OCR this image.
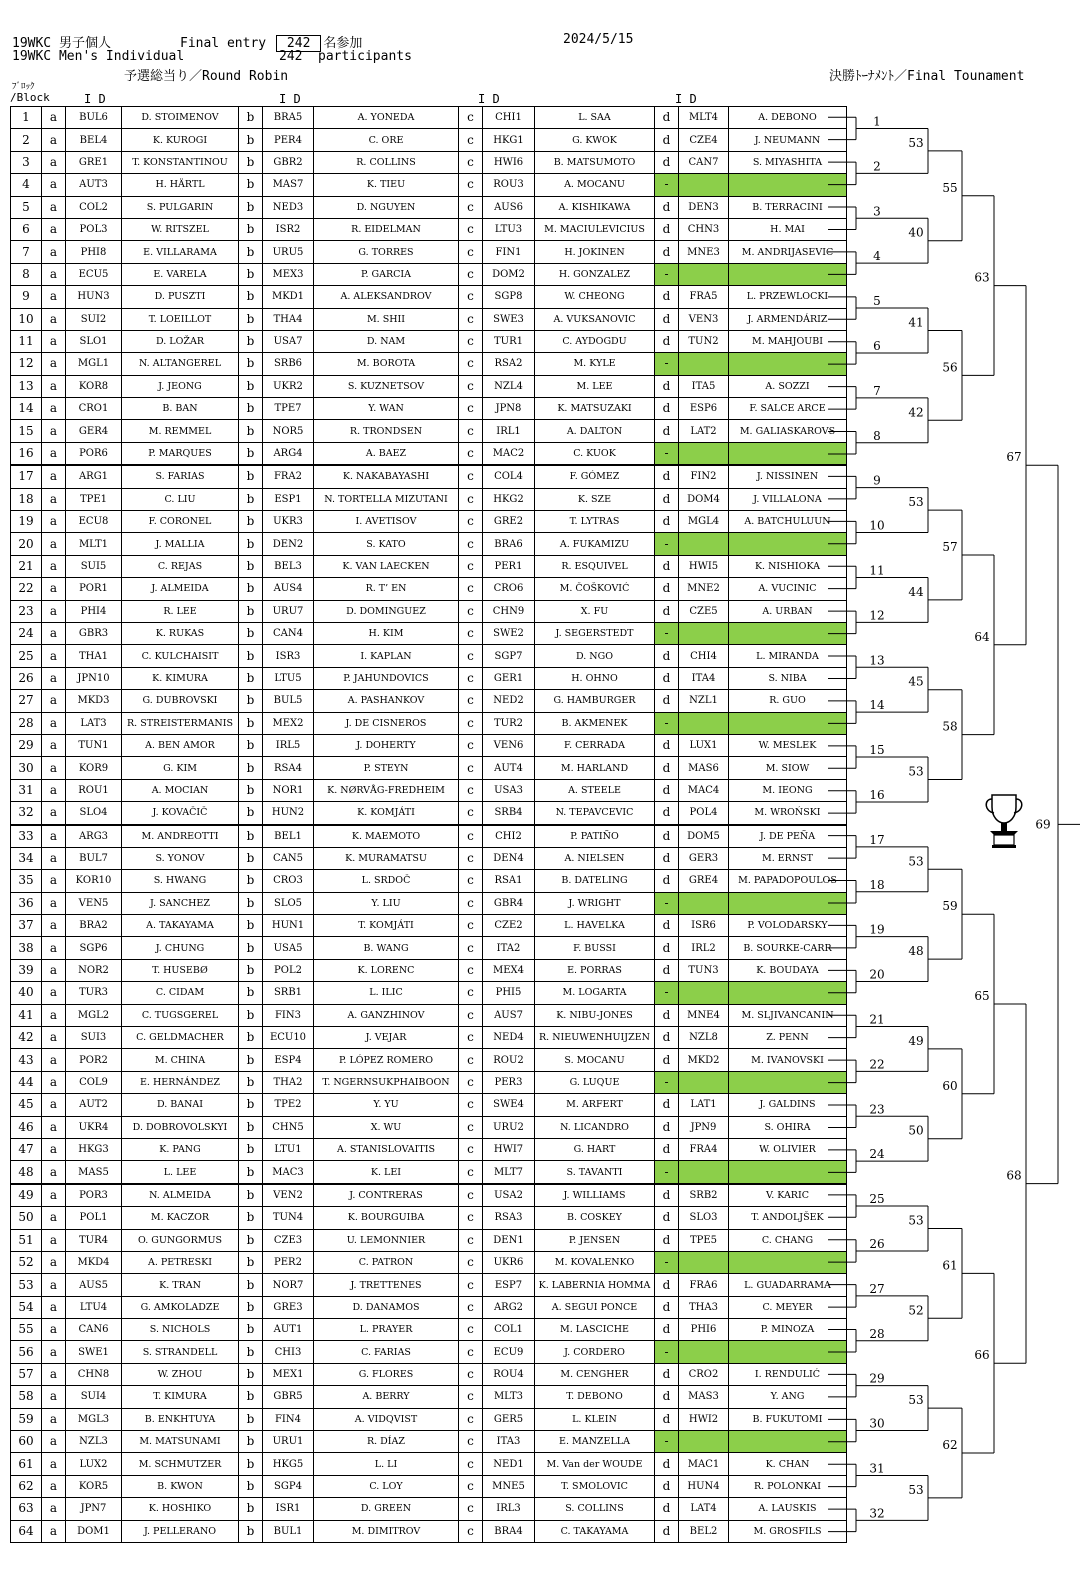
19WKC 男子個人	Final entry 242 名参加	2024/5/15
19WKC Men's Individual	242 participants
予選総当り／Round Robin	決勝ﾄｰﾅﾒﾝﾄ／Final Tounament
ﾌﾞﾛｯｸ
/Block	I D	I D	I D	I D
1	a	BUL6	D. STOIMENOV	b	BRA5	A. YONEDA	c	CHI1	L. SAA	d	MLT4	A. DEBONO
2	a	BEL4	K. KUROGI	b	PER4	C. ORE	c	HKG1	G. KWOK	d	CZE4	J. NEUMANN
3	a	GRE1	T. KONSTANTINOU	b	GBR2	R. COLLINS	c	HWI6	B. MATSUMOTO	d	CAN7	S. MIYASHITA
4	a	AUT3	H. HÄRTL	b	MAS7	K. TIEU	c	ROU3	A. MOCANU	-		
5	a	COL2	S. PULGARIN	b	NED3	D. NGUYEN	c	AUS6	A. KISHIKAWA	d	DEN3	B. TERRACINI
6	a	POL3	W. RITSZEL	b	ISR2	R. EIDELMAN	c	LTU3	M. MACIULEVICIUS	d	CHN3	H. MAI
7	a	PHI8	E. VILLARAMA	b	URU5	G. TORRES	c	FIN1	H. JOKINEN	d	MNE3	M. ANDRIJASEVIC
8	a	ECU5	E. VARELA	b	MEX3	P. GARCIA	c	DOM2	H. GONZALEZ	-		
9	a	HUN3	D. PUSZTI	b	MKD1	A. ALEKSANDROV	c	SGP8	W. CHEONG	d	FRA5	L. PRZEWLOCKI
10	a	SUI2	T. LOEILLOT	b	THA4	M. SHII	c	SWE3	A. VUKSANOVIC	d	VEN3	J. ARMENDÁRIZ
11	a	SLO1	D. LOŽAR	b	USA7	D. NAM	c	TUR1	C. AYDOGDU	d	TUN2	M. MAHJOUBI
12	a	MGL1	N. ALTANGEREL	b	SRB6	M. BOROTA	c	RSA2	M. KYLE	-		
13	a	KOR8	J. JEONG	b	UKR2	S. KUZNETSOV	c	NZL4	M. LEE	d	ITA5	A. SOZZI
14	a	CRO1	B. BAN	b	TPE7	Y. WAN	c	JPN8	K. MATSUZAKI	d	ESP6	F. SALCE ARCE
15	a	GER4	M. REMMEL	b	NOR5	R. TRONDSEN	c	IRL1	A. DALTON	d	LAT2	M. GALIASKAROVS
16	a	POR6	P. MARQUES	b	ARG4	A. BAEZ	c	MAC2	C. KUOK	-		
17	a	ARG1	S. FARIAS	b	FRA2	K. NAKABAYASHI	c	COL4	F. GÓMEZ	d	FIN2	J. NISSINEN
18	a	TPE1	C. LIU	b	ESP1	N. TORTELLA MIZUTANI	c	HKG2	K. SZE	d	DOM4	J. VILLALONA
19	a	ECU8	F. CORONEL	b	UKR3	I. AVETISOV	c	GRE2	T. LYTRAS	d	MGL4	A. BATCHULUUN
20	a	MLT1	J. MALLIA	b	DEN2	S. KATO	c	BRA6	A. FUKAMIZU	-		
21	a	SUI5	C. REJAS	b	BEL3	K. VAN LAECKEN	c	PER1	R. ESQUIVEL	d	HWI5	K. NISHIOKA
22	a	POR1	J. ALMEIDA	b	AUS4	R. T’ EN	c	CRO6	M. ČOŠKOVIĆ	d	MNE2	A. VUCINIC
23	a	PHI4	R. LEE	b	URU7	D. DOMINGUEZ	c	CHN9	X. FU	d	CZE5	A. URBAN
24	a	GBR3	K. RUKAS	b	CAN4	H. KIM	c	SWE2	J. SEGERSTEDT	-		
25	a	THA1	C. KULCHAISIT	b	ISR3	I. KAPLAN	c	SGP7	D. NGO	d	CHI4	L. MIRANDA
26	a	JPN10	K. KIMURA	b	LTU5	P. JAHUNDOVICS	c	GER1	H. OHNO	d	ITA4	S. NIBA
27	a	MKD3	G. DUBROVSKI	b	BUL5	A. PASHANKOV	c	NED2	G. HAMBURGER	d	NZL1	R. GUO
28	a	LAT3	R. STREISTERMANIS	b	MEX2	J. DE CISNEROS	c	TUR2	B. AKMENEK	-		
29	a	TUN1	A. BEN AMOR	b	IRL5	J. DOHERTY	c	VEN6	F. CERRADA	d	LUX1	W. MESLEK
30	a	KOR9	G. KIM	b	RSA4	P. STEYN	c	AUT4	M. HARLAND	d	MAS6	M. SIOW
31	a	ROU1	A. MOCIAN	b	NOR1	K. NØRVÅG-FREDHEIM	c	USA3	A. STEELE	d	MAC4	M. IEONG
32	a	SLO4	J. KOVAČIČ	b	HUN2	K. KOMJÁTI	c	SRB4	N. TEPAVCEVIC	d	POL4	M. WROŃSKI
33	a	ARG3	M. ANDREOTTI	b	BEL1	K. MAEMOTO	c	CHI2	P. PATIÑO	d	DOM5	J. DE PEÑA
34	a	BUL7	S. YONOV	b	CAN5	K. MURAMATSU	c	DEN4	A. NIELSEN	d	GER3	M. ERNST
35	a	KOR10	S. HWANG	b	CRO3	L. SRDOČ	c	RSA1	B. DATELING	d	GRE4	M. PAPADOPOULOS
36	a	VEN5	J. SANCHEZ	b	SLO5	Y. LIU	c	GBR4	J. WRIGHT	-		
37	a	BRA2	A. TAKAYAMA	b	HUN1	T. KOMJÁTI	c	CZE2	L. HAVELKA	d	ISR6	P. VOLODARSKY
38	a	SGP6	J. CHUNG	b	USA5	B. WANG	c	ITA2	F. BUSSI	d	IRL2	B. SOURKE-CARR
39	a	NOR2	T. HUSEBØ	b	POL2	K. LORENC	c	MEX4	E. PORRAS	d	TUN3	K. BOUDAYA
40	a	TUR3	C. CIDAM	b	SRB1	L. ILIC	c	PHI5	M. LOGARTA	-		
41	a	MGL2	C. TUGSGEREL	b	FIN3	A. GANZHINOV	c	AUS7	K. NIBU-JONES	d	MNE4	M. SLJIVANCANIN
42	a	SUI3	C. GELDMACHER	b	ECU10	J. VEJAR	c	NED4	R. NIEUWENHUIJZEN	d	NZL8	Z. PENN
43	a	POR2	M. CHINA	b	ESP4	P. LÓPEZ ROMERO	c	ROU2	S. MOCANU	d	MKD2	M. IVANOVSKI
44	a	COL9	E. HERNÁNDEZ	b	THA2	T. NGERNSUKPHAIBOON	c	PER3	G. LUQUE	-		
45	a	AUT2	D. BANAI	b	TPE2	Y. YU	c	SWE4	M. ARFERT	d	LAT1	J. GALDINS
46	a	UKR4	D. DOBROVOLSKYI	b	CHN5	X. WU	c	URU2	N. LICANDRO	d	JPN9	S. OHIRA
47	a	HKG3	K. PANG	b	LTU1	A. STANISLOVAITIS	c	HWI7	G. HART	d	FRA4	W. OLIVIER
48	a	MAS5	L. LEE	b	MAC3	K. LEI	c	MLT7	S. TAVANTI	-		
49	a	POR3	N. ALMEIDA	b	VEN2	J. CONTRERAS	c	USA2	J. WILLIAMS	d	SRB2	V. KARIC
50	a	POL1	M. KACZOR	b	TUN4	K. BOURGUIBA	c	RSA3	B. COSKEY	d	SLO3	T. ANDOLJŠEK
51	a	TUR4	O. GUNGORMUS	b	CZE3	U. LEMONNIER	c	DEN1	P. JENSEN	d	TPE5	C. CHANG
52	a	MKD4	A. PETRESKI	b	PER2	C. PATRON	c	UKR6	M. KOVALENKO	-		
53	a	AUS5	K. TRAN	b	NOR7	J. TRETTENES	c	ESP7	K. LABERNIA HOMMA	d	FRA6	L. GUADARRAMA
54	a	LTU4	G. AMKOLADZE	b	GRE3	D. DANAMOS	c	ARG2	A. SEGUI PONCE	d	THA3	C. MEYER
55	a	CAN6	S. NICHOLS	b	AUT1	L. PRAYER	c	COL1	M. LASCICHE	d	PHI6	P. MINOZA
56	a	SWE1	S. STRANDELL	b	CHI3	C. FARIAS	c	ECU9	J. CORDERO	-		
57	a	CHN8	W. ZHOU	b	MEX1	G. FLORES	c	ROU4	M. CENGHER	d	CRO2	I. RENDULIĆ
58	a	SUI4	T. KIMURA	b	GBR5	A. BERRY	c	MLT3	T. DEBONO	d	MAS3	Y. ANG
59	a	MGL3	B. ENKHTUYA	b	FIN4	A. VIDQVIST	c	GER5	L. KLEIN	d	HWI2	B. FUKUTOMI
60	a	NZL3	M. MATSUNAMI	b	URU1	R. DÍAZ	c	ITA3	E. MANZELLA	-		
61	a	LUX2	M. SCHMUTZER	b	HKG5	L. LI	c	NED1	M. Van der WOUDE	d	MAC1	K. CHAN
62	a	KOR5	B. KWON	b	SGP4	C. LOY	c	MNE5	T. SMOLOVIC	d	HUN4	R. POLONKAI
63	a	JPN7	K. HOSHIKO	b	ISR1	D. GREEN	c	IRL3	S. COLLINS	d	LAT4	A. LAUSKIS
64	a	DOM1	J. PELLERANO	b	BUL1	M. DIMITROV	c	BRA4	C. TAKAYAMA	d	BEL2	M. GROSFILS
1
2
3
4
5
6
7
8
9
10
11
12
13
14
15
16
17
18
19
20
21
22
23
24
25
26
27
28
29
30
31
32
53
40
41
42
53
44
45
53
53
48
49
50
53
52
53
53
55
56
57
58
59
60
61
62
63
64
65
66
67
68
69
